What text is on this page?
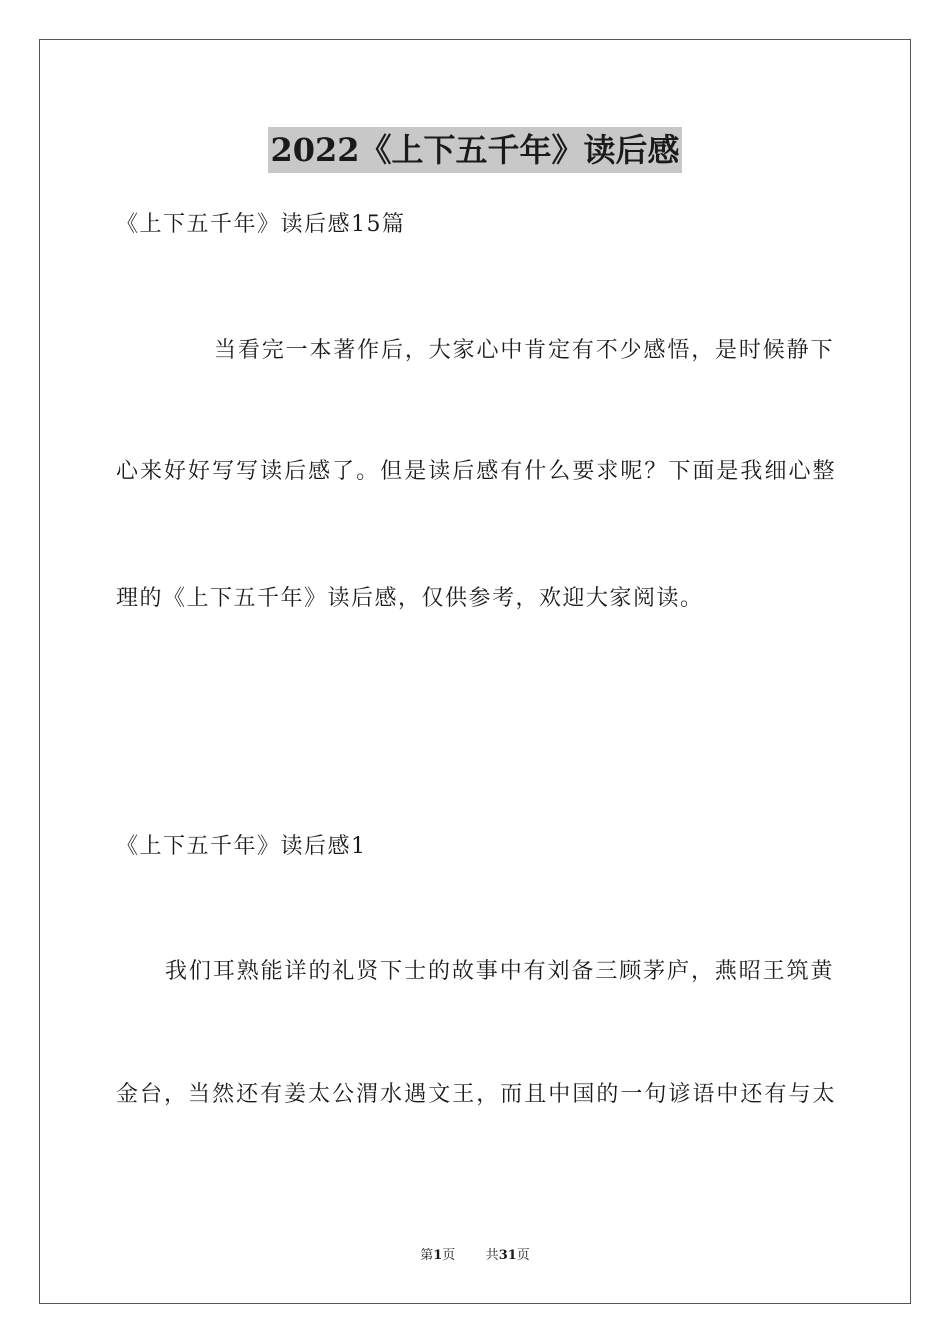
2022《上下五千年》读后感
《上下五千年》读后感15篇
当看完一本著作后，大家心中肯定有不少感悟，是时候静下
心来好好写写读后感了。但是读后感有什么要求呢？下面是我细心整
理的《上下五千年》读后感，仅供参考，欢迎大家阅读。
《上下五千年》读后感1
我们耳熟能详的礼贤下士的故事中有刘备三顾茅庐，燕昭王筑黄
金台，当然还有姜太公渭水遇文王，而且中国的一句谚语中还有与太
第1页 共31页
